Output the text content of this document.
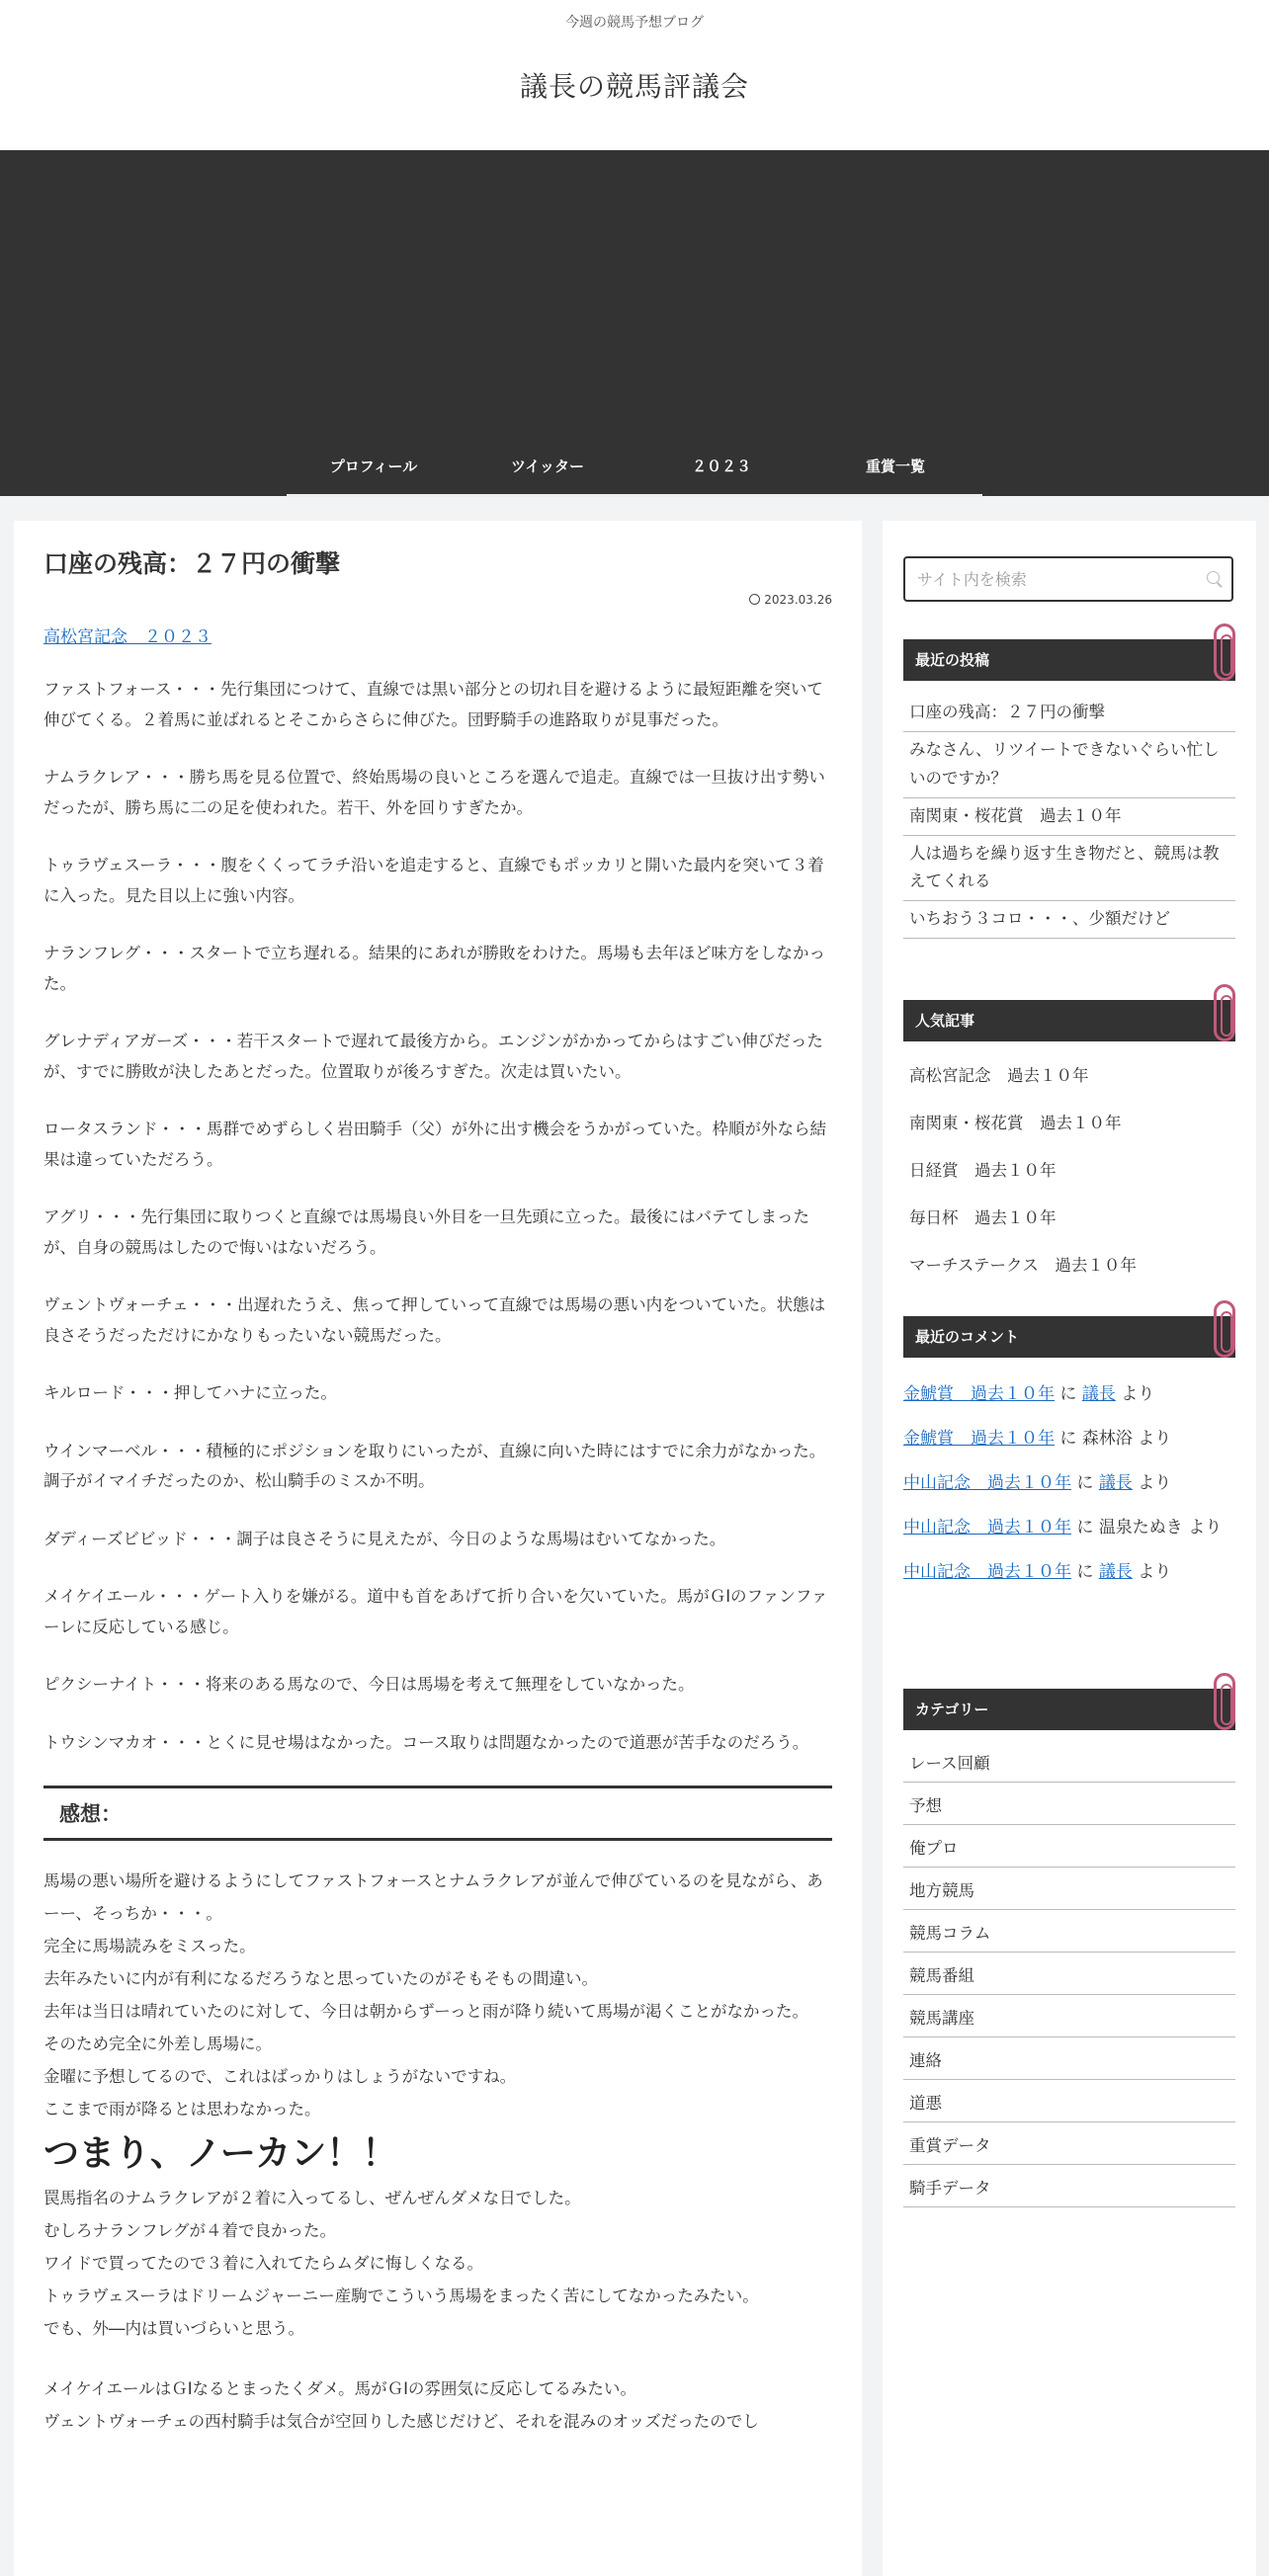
今週の競馬予想ブログ
議長の競馬評議会
プロフィール	ツイッター	２０２３	重賞一覧
口座の残高：２７円の衝撃
2023.03.26
高松宮記念　２０２３

ファストフォース・・・先行集団につけて、直線では黒い部分との切れ目を避けるように最短距離を突いて伸びてくる。２着馬に並ばれるとそこからさらに伸びた。団野騎手の進路取りが見事だった。

ナムラクレア・・・勝ち馬を見る位置で、終始馬場の良いところを選んで追走。直線では一旦抜け出す勢いだったが、勝ち馬に二の足を使われた。若干、外を回りすぎたか。

トゥラヴェスーラ・・・腹をくくってラチ沿いを追走すると、直線でもポッカリと開いた最内を突いて３着に入った。見た目以上に強い内容。

ナランフレグ・・・スタートで立ち遅れる。結果的にあれが勝敗をわけた。馬場も去年ほど味方をしなかった。

グレナディアガーズ・・・若干スタートで遅れて最後方から。エンジンがかかってからはすごい伸びだったが、すでに勝敗が決したあとだった。位置取りが後ろすぎた。次走は買いたい。

ロータスランド・・・馬群でめずらしく岩田騎手（父）が外に出す機会をうかがっていた。枠順が外なら結果は違っていただろう。

アグリ・・・先行集団に取りつくと直線では馬場良い外目を一旦先頭に立った。最後にはバテてしまったが、自身の競馬はしたので悔いはないだろう。

ヴェントヴォーチェ・・・出遅れたうえ、焦って押していって直線では馬場の悪い内をついていた。状態は良さそうだっただけにかなりもったいない競馬だった。

キルロード・・・押してハナに立った。

ウインマーベル・・・積極的にポジションを取りにいったが、直線に向いた時にはすでに余力がなかった。調子がイマイチだったのか、松山騎手のミスか不明。

ダディーズビビッド・・・調子は良さそうに見えたが、今日のような馬場はむいてなかった。

メイケイエール・・・ゲート入りを嫌がる。道中も首をあげて折り合いを欠いていた。馬がＧⅠのファンファーレに反応している感じ。

ピクシーナイト・・・将来のある馬なので、今日は馬場を考えて無理をしていなかった。

トウシンマカオ・・・とくに見せ場はなかった。コース取りは問題なかったので道悪が苦手なのだろう。

感想：
馬場の悪い場所を避けるようにしてファストフォースとナムラクレアが並んで伸びているのを見ながら、あーー、そっちか・・・。
完全に馬場読みをミスった。
去年みたいに内が有利になるだろうなと思っていたのがそもそもの間違い。
去年は当日は晴れていたのに対して、今日は朝からずーっと雨が降り続いて馬場が渇くことがなかった。
そのため完全に外差し馬場に。
金曜に予想してるので、これはばっかりはしょうがないですね。
ここまで雨が降るとは思わなかった。
つまり、ノーカン！！
罠馬指名のナムラクレアが２着に入ってるし、ぜんぜんダメな日でした。
むしろナランフレグが４着で良かった。
ワイドで買ってたので３着に入れてたらムダに悔しくなる。
トゥラヴェスーラはドリームジャーニー産駒でこういう馬場をまったく苦にしてなかったみたい。
でも、外―内は買いづらいと思う。
メイケイエールはＧⅠなるとまったくダメ。馬がＧⅠの雰囲気に反応してるみたい。
ヴェントヴォーチェの西村騎手は気合が空回りした感じだけど、それを混みのオッズだったのでし
サイト内を検索
最近の投稿
口座の残高：２７円の衝撃
みなさん、リツイートできないぐらい忙しいのですか？
南関東・桜花賞　過去１０年
人は過ちを繰り返す生き物だと、競馬は教えてくれる
いちおう３コロ・・・、少額だけど
人気記事
高松宮記念　過去１０年
南関東・桜花賞　過去１０年
日経賞　過去１０年
毎日杯　過去１０年
マーチステークス　過去１０年
最近のコメント
金鯱賞　過去１０年 に 議長 より
金鯱賞　過去１０年 に 森林浴 より
中山記念　過去１０年 に 議長 より
中山記念　過去１０年 に 温泉たぬき より
中山記念　過去１０年 に 議長 より
カテゴリー
レース回顧
予想
俺プロ
地方競馬
競馬コラム
競馬番組
競馬講座
連絡
道悪
重賞データ
騎手データ
